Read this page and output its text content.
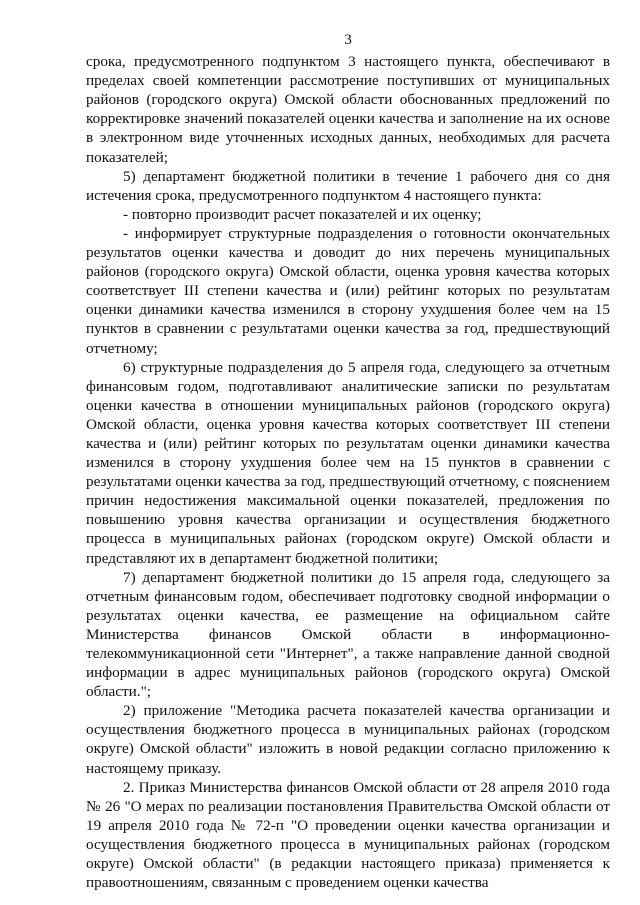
3

срока, предусмотренного подпунктом 3 настоящего пункта, обеспечивают в пределах своей компетенции рассмотрение поступивших от муниципальных районов (городского округа) Омской области обоснованных предложений по корректировке значений показателей оценки качества и заполнение на их основе в электронном виде уточненных исходных данных, необходимых для расчета показателей;

5) департамент бюджетной политики в течение 1 рабочего дня со дня истечения срока, предусмотренного подпунктом 4 настоящего пункта:

- повторно производит расчет показателей и их оценку;

- информирует структурные подразделения о готовности окончательных результатов оценки качества и доводит до них перечень муниципальных районов (городского округа) Омской области, оценка уровня качества которых соответствует III степени качества и (или) рейтинг которых по результатам оценки динамики качества изменился в сторону ухудшения более чем на 15 пунктов в сравнении с результатами оценки качества за год, предшествующий отчетному;

6) структурные подразделения до 5 апреля года, следующего за отчетным финансовым годом, подготавливают аналитические записки по результатам оценки качества в отношении муниципальных районов (городского округа) Омской области, оценка уровня качества которых соответствует III степени качества и (или) рейтинг которых по результатам оценки динамики качества изменился в сторону ухудшения более чем на 15 пунктов в сравнении с результатами оценки качества за год, предшествующий отчетному, с пояснением причин недостижения максимальной оценки показателей, предложения по повышению уровня качества организации и осуществления бюджетного процесса в муниципальных районах (городском округе) Омской области и представляют их в департамент бюджетной политики;

7) департамент бюджетной политики до 15 апреля года, следующего за отчетным финансовым годом, обеспечивает подготовку сводной информации о результатах оценки качества, ее размещение на официальном сайте Министерства финансов Омской области в информационно-телекоммуникационной сети "Интернет", а также направление данной сводной информации в адрес муниципальных районов (городского округа) Омской области.";

2) приложение "Методика расчета показателей качества организации и осуществления бюджетного процесса в муниципальных районах (городском округе) Омской области" изложить в новой редакции согласно приложению к настоящему приказу.

2. Приказ Министерства финансов Омской области от 28 апреля 2010 года № 26 "О мерах по реализации постановления Правительства Омской области от 19 апреля 2010 года № 72-п "О проведении оценки качества организации и осуществления бюджетного процесса в муниципальных районах (городском округе) Омской области" (в редакции настоящего приказа) применяется к правоотношениям, связанным с проведением оценки качества
